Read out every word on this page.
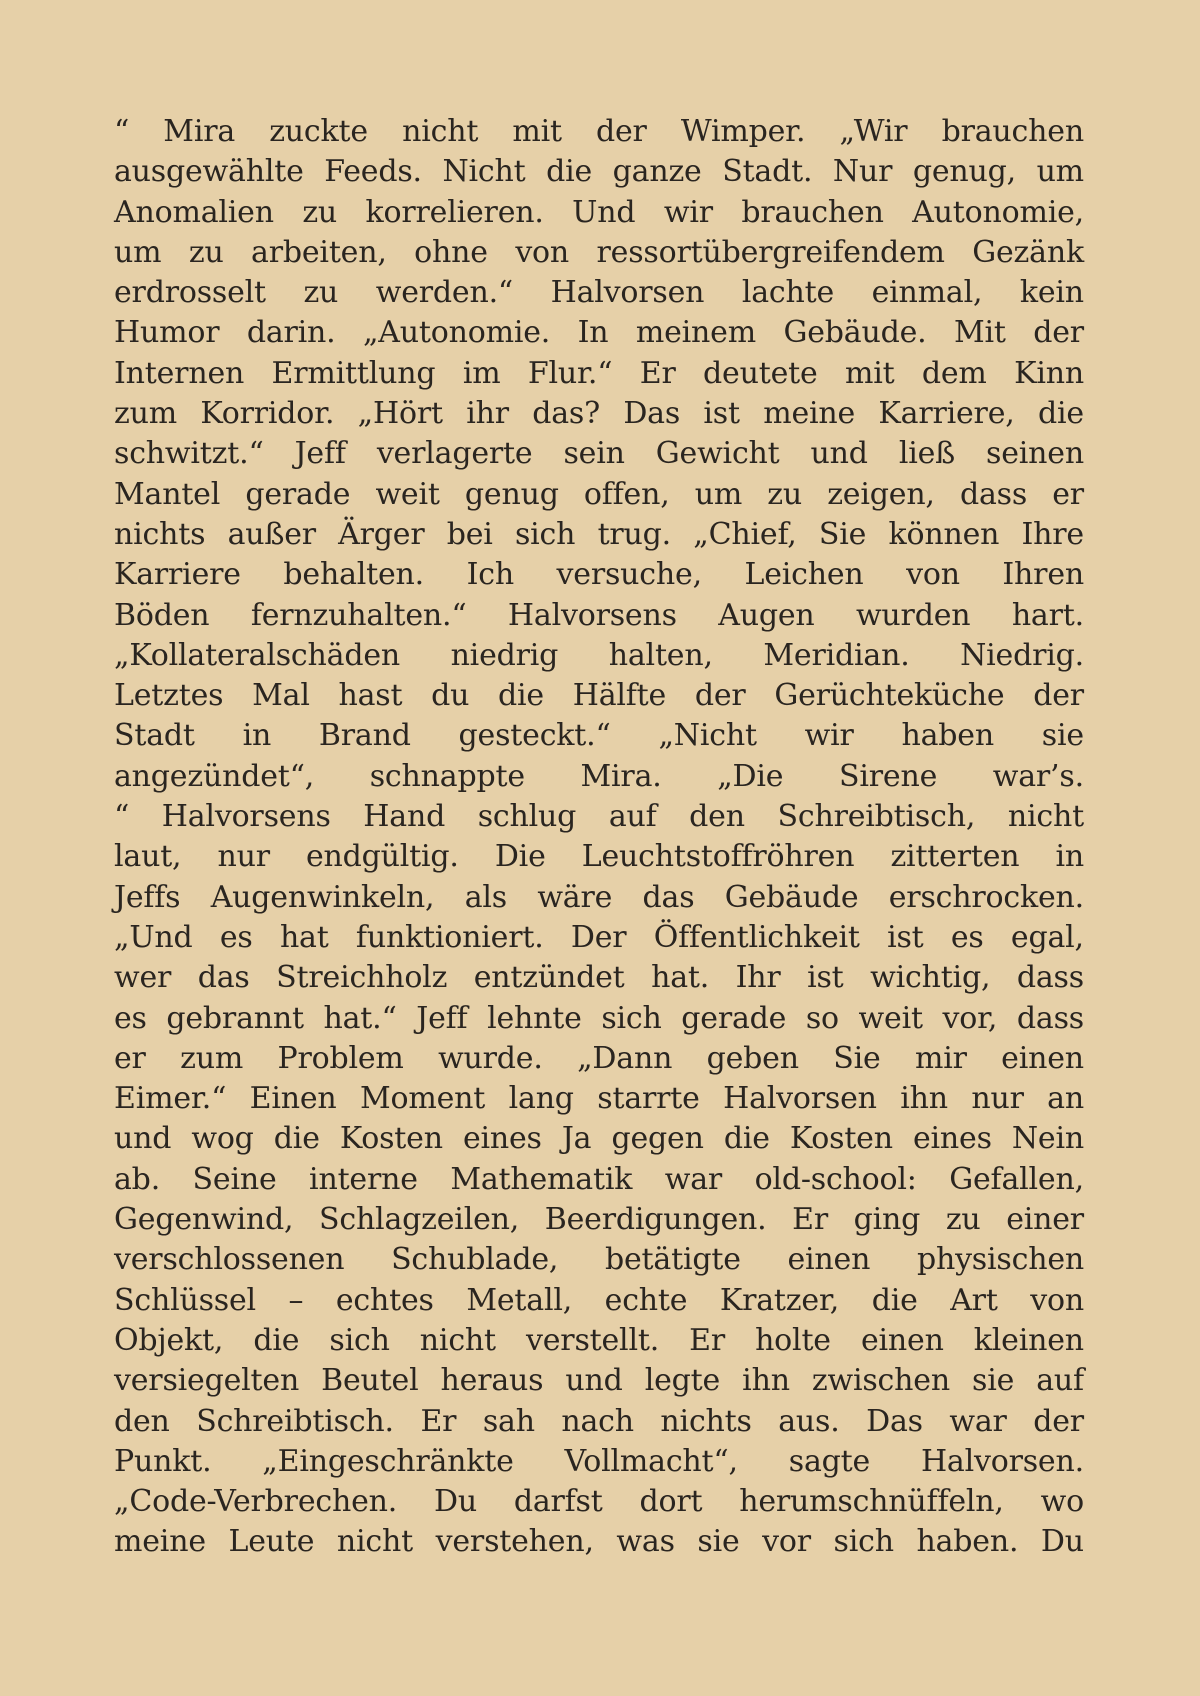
“ Mira zuckte nicht mit der Wimper. „Wir brauchen
ausgewählte Feeds. Nicht die ganze Stadt. Nur genug, um
Anomalien zu korrelieren. Und wir brauchen Autonomie,
um zu arbeiten, ohne von ressortübergreifendem Gezänk
erdrosselt zu werden.“ Halvorsen lachte einmal, kein
Humor darin. „Autonomie. In meinem Gebäude. Mit der
Internen Ermittlung im Flur.“ Er deutete mit dem Kinn
zum Korridor. „Hört ihr das? Das ist meine Karriere, die
schwitzt.“ Jeff verlagerte sein Gewicht und ließ seinen
Mantel gerade weit genug offen, um zu zeigen, dass er
nichts außer Ärger bei sich trug. „Chief, Sie können Ihre
Karriere behalten. Ich versuche, Leichen von Ihren
Böden fernzuhalten.“ Halvorsens Augen wurden hart.
„Kollateralschäden niedrig halten, Meridian. Niedrig.
Letztes Mal hast du die Hälfte der Gerüchteküche der
Stadt in Brand gesteckt.“ „Nicht wir haben sie
angezündet“, schnappte Mira. „Die Sirene war’s.
“ Halvorsens Hand schlug auf den Schreibtisch, nicht
laut, nur endgültig. Die Leuchtstoffröhren zitterten in
Jeffs Augenwinkeln, als wäre das Gebäude erschrocken.
„Und es hat funktioniert. Der Öffentlichkeit ist es egal,
wer das Streichholz entzündet hat. Ihr ist wichtig, dass
es gebrannt hat.“ Jeff lehnte sich gerade so weit vor, dass
er zum Problem wurde. „Dann geben Sie mir einen
Eimer.“ Einen Moment lang starrte Halvorsen ihn nur an
und wog die Kosten eines Ja gegen die Kosten eines Nein
ab. Seine interne Mathematik war old-school: Gefallen,
Gegenwind, Schlagzeilen, Beerdigungen. Er ging zu einer
verschlossenen Schublade, betätigte einen physischen
Schlüssel – echtes Metall, echte Kratzer, die Art von
Objekt, die sich nicht verstellt. Er holte einen kleinen
versiegelten Beutel heraus und legte ihn zwischen sie auf
den Schreibtisch. Er sah nach nichts aus. Das war der
Punkt. „Eingeschränkte Vollmacht“, sagte Halvorsen.
„Code-Verbrechen. Du darfst dort herumschnüffeln, wo
meine Leute nicht verstehen, was sie vor sich haben. Du
